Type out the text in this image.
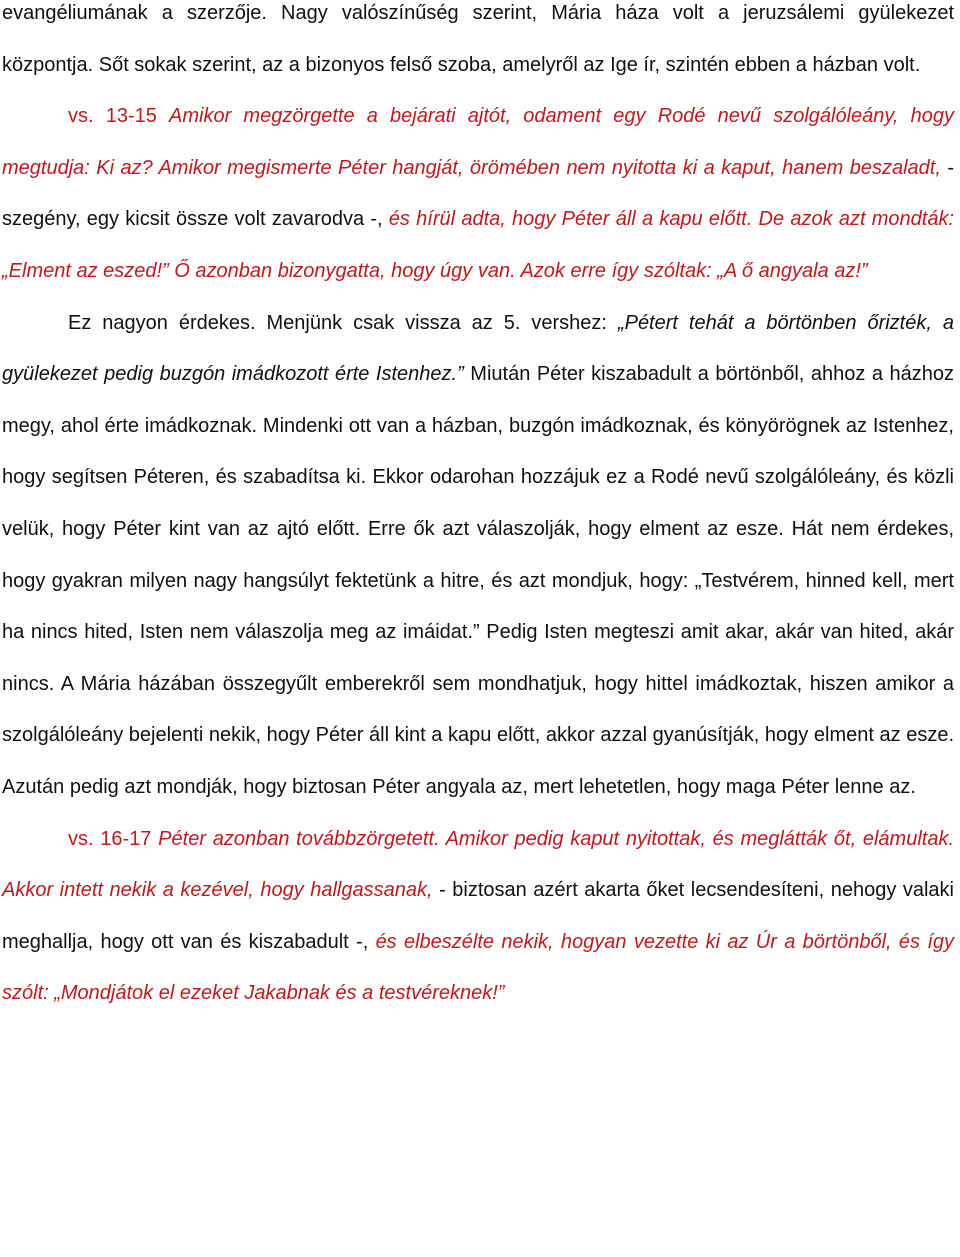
evangéliumának a szerzője. Nagy valószínűség szerint, Mária háza volt a jeruzsálemi gyülekezet központja. Sőt sokak szerint, az a bizonyos felső szoba, amelyről az Ige ír, szintén ebben a házban volt.

vs. 13-15 Amikor megzörgette a bejárati ajtót, odament egy Rodé nevű szolgálóleány, hogy megtudja: Ki az? Amikor megismerte Péter hangját, örömében nem nyitotta ki a kaput, hanem beszaladt, - szegény, egy kicsit össze volt zavarodva -, és hírül adta, hogy Péter áll a kapu előtt. De azok azt mondták: „Elment az eszed!” Ő azonban bizonygatta, hogy úgy van. Azok erre így szóltak: „A ő angyala az!”

Ez nagyon érdekes. Menjünk csak vissza az 5. vershez: „Pétert tehát a börtönben őrizték, a gyülekezet pedig buzgón imádkozott érte Istenhez.” Miután Péter kiszabadult a börtönből, ahhoz a házhoz megy, ahol érte imádkoznak. Mindenki ott van a házban, buzgón imádkoznak, és könyörögnek az Istenhez, hogy segítsen Péteren, és szabadítsa ki. Ekkor odarohan hozzájuk ez a Rodé nevű szolgálóleány, és közli velük, hogy Péter kint van az ajtó előtt. Erre ők azt válaszolják, hogy elment az esze. Hát nem érdekes, hogy gyakran milyen nagy hangsúlyt fektetünk a hitre, és azt mondjuk, hogy: „Testvérem, hinned kell, mert ha nincs hited, Isten nem válaszolja meg az imáidat.” Pedig Isten megteszi amit akar, akár van hited, akár nincs. A Mária házában összegyűlt emberekről sem mondhatjuk, hogy hittel imádkoztak, hiszen amikor a szolgálóleány bejelenti nekik, hogy Péter áll kint a kapu előtt, akkor azzal gyanúsítják, hogy elment az esze. Azután pedig azt mondják, hogy biztosan Péter angyala az, mert lehetetlen, hogy maga Péter lenne az.

vs. 16-17 Péter azonban továbbzörgetett. Amikor pedig kaput nyitottak, és meglátták őt, elámultak. Akkor intett nekik a kezével, hogy hallgassanak, - biztosan azért akarta őket lecsendesíteni, nehogy valaki meghallja, hogy ott van és kiszabadult -, és elbeszélte nekik, hogyan vezette ki az Úr a börtönből, és így szólt: „Mondjátok el ezeket Jakabnak és a testvéreknek!”
